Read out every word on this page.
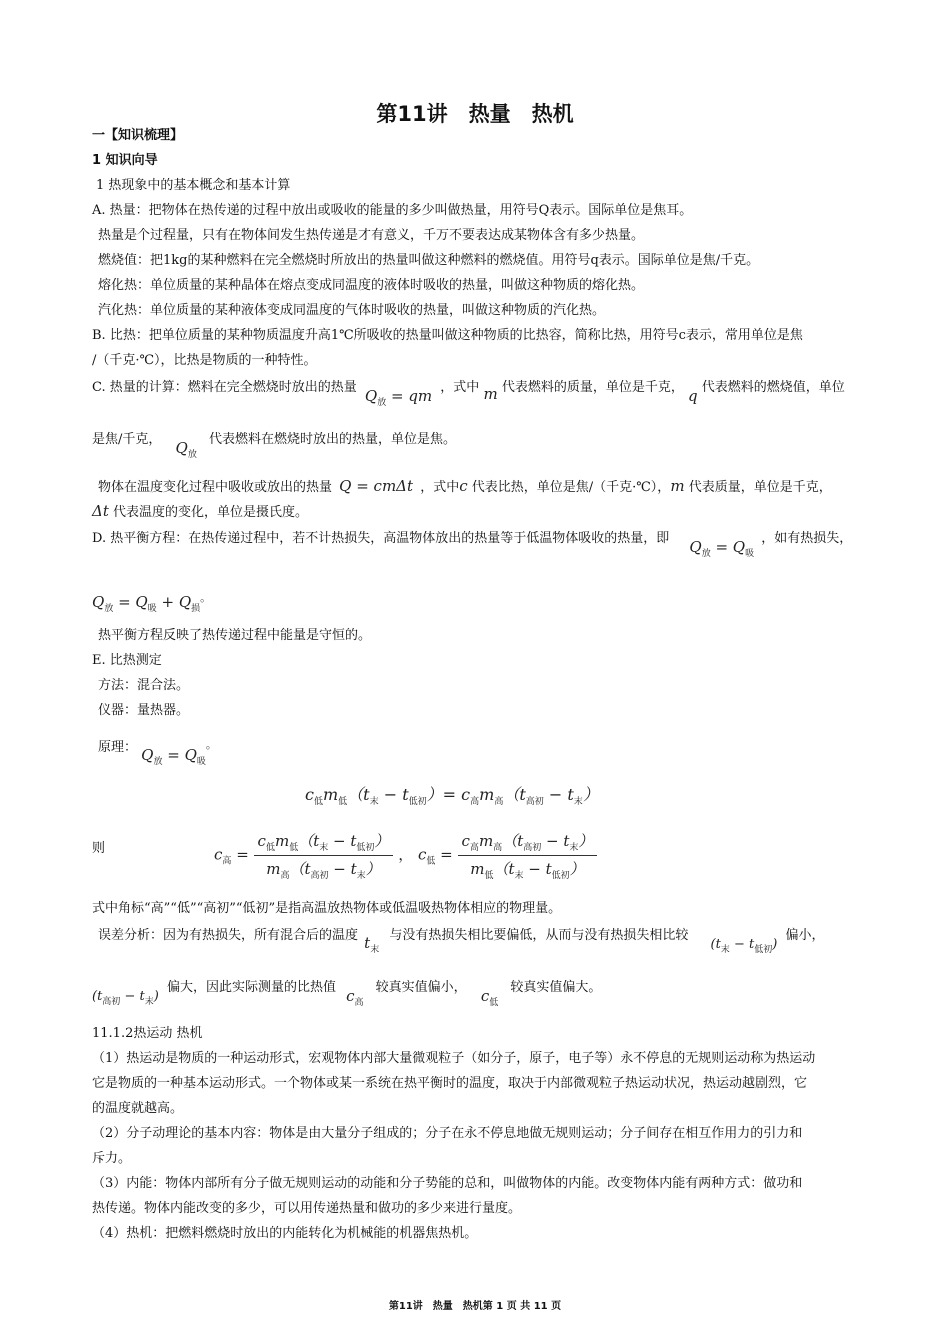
第11讲　热量　热机
一【知识梳理】
1 知识向导
1 热现象中的基本概念和基本计算
A. 热量：把物体在热传递的过程中放出或吸收的能量的多少叫做热量，用符号Q表示。国际单位是焦耳。
热量是个过程量，只有在物体间发生热传递是才有意义，千万不要表达成某物体含有多少热量。
燃烧值：把1kg的某种燃料在完全燃烧时所放出的热量叫做这种燃料的燃烧值。用符号q表示。国际单位是焦/千克。
熔化热：单位质量的某种晶体在熔点变成同温度的液体时吸收的热量，叫做这种物质的熔化热。
汽化热：单位质量的某种液体变成同温度的气体时吸收的热量，叫做这种物质的汽化热。
B. 比热：把单位质量的某种物质温度升高1℃所吸收的热量叫做这种物质的比热容，简称比热，用符号c表示，常用单位是焦
/（千克·℃），比热是物质的一种特性。
C. 热量的计算：燃料在完全燃烧时放出的热量 $Q_放$ = qm ，式中 m 代表燃料的质量，单位是千克， q 代表燃料的燃烧值，单位
是焦/千克， $Q_放$ 代表燃料在燃烧时放出的热量，单位是焦。
物体在温度变化过程中吸收或放出的热量 Q = cmΔt ，式中c 代表比热，单位是焦/（千克·℃），m 代表质量，单位是千克，
Δt 代表温度的变化，单位是摄氏度。
D. 热平衡方程：在热传递过程中，若不计热损失，高温物体放出的热量等于低温物体吸收的热量，即 $Q_放 = Q_吸$ ，如有热损失，
$Q_放 = Q_吸 + Q_损^。$
热平衡方程反映了热传递过程中能量是守恒的。
E. 比热测定
方法：混合法。
仪器：量热器。
原理： $Q_放 = Q_吸^。$
$c_低m_低(t_末 - t_{低初})= c_高m_高(t_{高初} - t_末)$
则	$c_高 = \frac{c_低m_低(t_末 - t_{低初})}{m_高(t_{高初} - t_末)}$ ， $c_低 = \frac{c_高m_高(t_{高初} - t_末)}{m_低(t_末 - t_{低初})}$
式中角标“高”“低”“高初”“低初”是指高温放热物体或低温吸热物体相应的物理量。
误差分析：因为有热损失，所有混合后的温度 $t_末$ 与没有热损失相比要偏低，从而与没有热损失相比较 $(t_末 - t_{低初})$ 偏小，
$(t_{高初} - t_末)$ 偏大，因此实际测量的比热值 $c_高$ 较真实值偏小， $c_低$ 较真实值偏大。
11.1.2热运动 热机
（1）热运动是物质的一种运动形式，宏观物体内部大量微观粒子（如分子，原子，电子等）永不停息的无规则运动称为热运动
它是物质的一种基本运动形式。一个物体或某一系统在热平衡时的温度，取决于内部微观粒子热运动状况，热运动越剧烈，它
的温度就越高。
（2）分子动理论的基本内容：物体是由大量分子组成的；分子在永不停息地做无规则运动；分子间存在相互作用力的引力和
斥力。
（3）内能：物体内部所有分子做无规则运动的动能和分子势能的总和，叫做物体的内能。改变物体内能有两种方式：做功和
热传递。物体内能改变的多少，可以用传递热量和做功的多少来进行量度。
（4）热机：把燃料燃烧时放出的内能转化为机械能的机器焦热机。
第11讲　热量　热机第 1 页 共 11 页
